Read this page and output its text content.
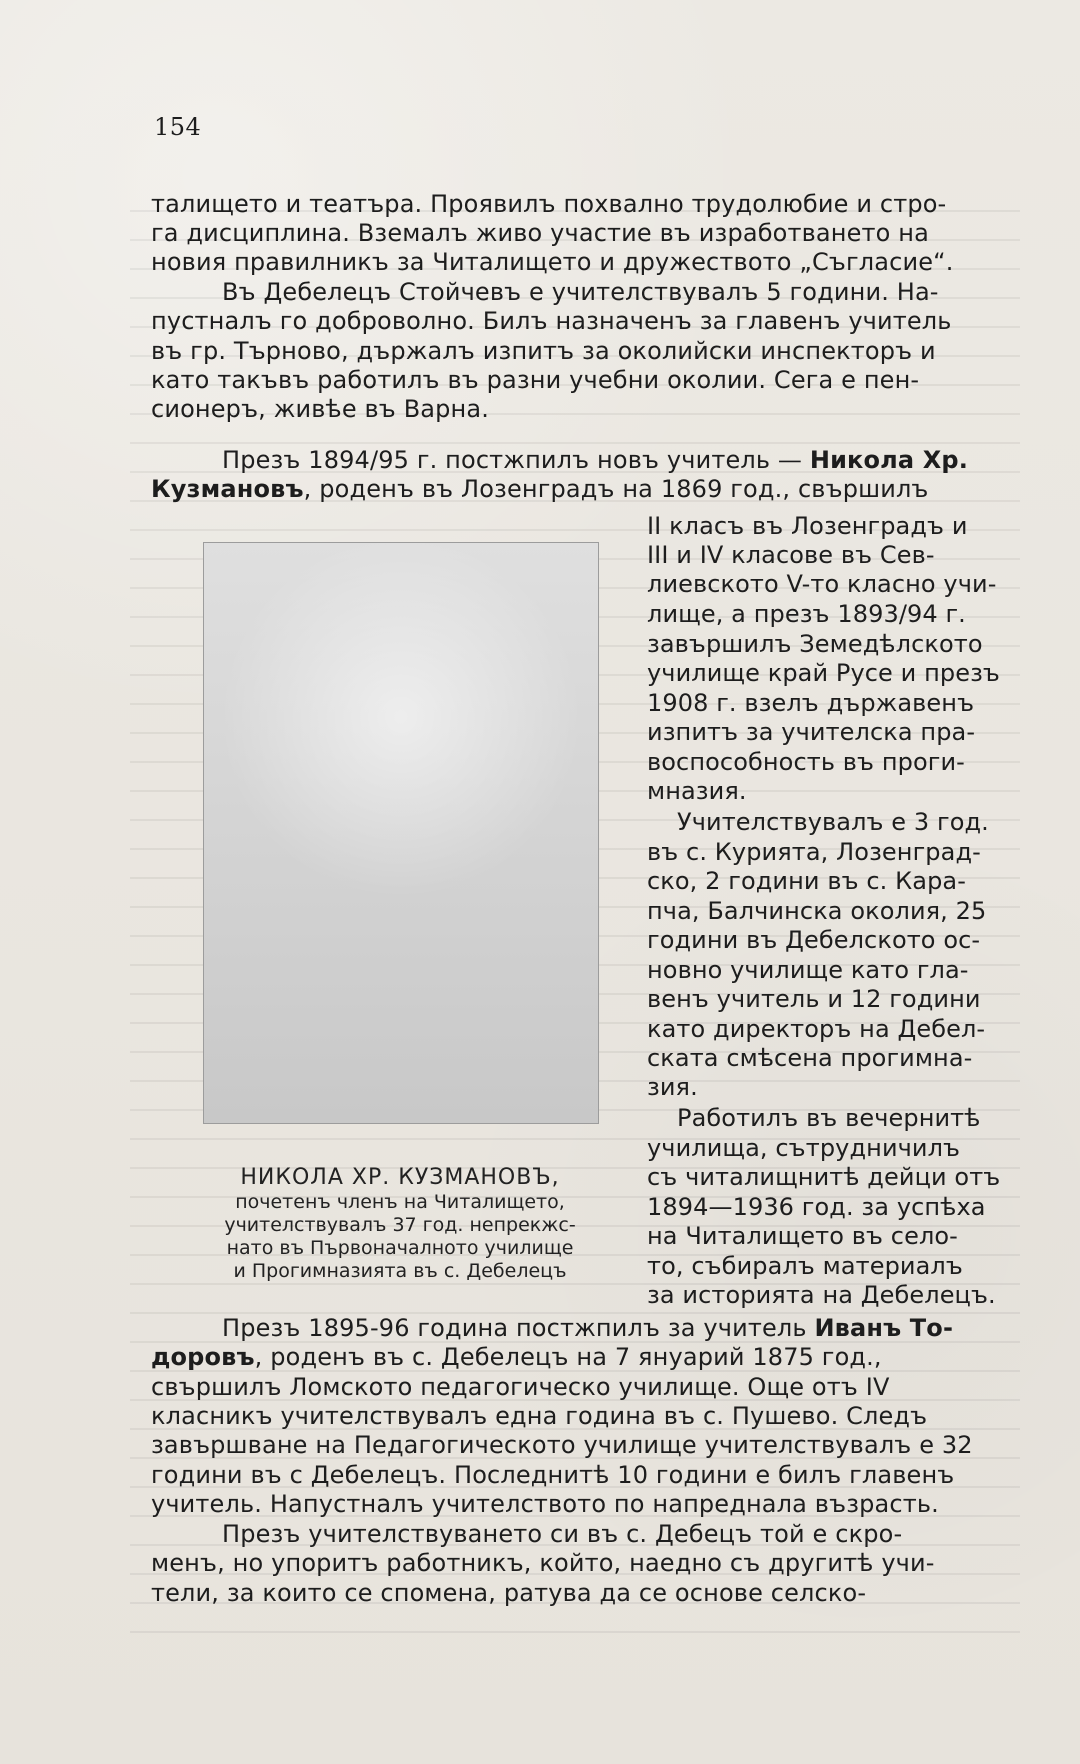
154
талището и театъра. Проявилъ похвално трудолюбие и стро-
га дисциплина. Вземалъ живо участие въ изработването на
новия правилникъ за Читалището и дружеството „Съгласие“.
Въ Дебелецъ Стойчевъ е учителствувалъ 5 години. На-
пустналъ го доброволно. Билъ назначенъ за главенъ учитель
въ гр. Търново, държалъ изпитъ за околийски инспекторъ и
като такъвъ работилъ въ разни учебни околии. Сега е пен-
сионеръ, живѣе въ Варна.
Презъ 1894/95 г. постжпилъ новъ учитель — Никола Хр.
Кузмановъ, роденъ въ Лозенградъ на 1869 год., свършилъ
II класъ въ Лозенградъ и
III и IV класове въ Сев-
лиевското V-то класно учи-
лище, а презъ 1893/94 г.
завършилъ Земедѣлското
училище край Русе и презъ
1908 г. взелъ държавенъ
изпитъ за учителска пра-
воспособность въ проги-
мназия.
Учителствувалъ е 3 год.
въ с. Курията, Лозенград-
ско, 2 години въ с. Кара-
пча, Балчинска околия, 25
години въ Дебелското ос-
новно училище като гла-
венъ учитель и 12 години
като директоръ на Дебел-
ската смѣсена прогимна-
зия.
Работилъ въ вечернитѣ
училища, сътрудничилъ
съ читалищнитѣ дейци отъ
1894—1936 год. за успѣха
на Читалището въ село-
то, събиралъ материалъ
за историята на Дебелецъ.
НИКОЛА ХР. КУЗМАНОВЪ,
почетенъ членъ на Читалището,
учителствувалъ 37 год. непрекжс-
нато въ Първоначалното училище
и Прогимназията въ с. Дебелецъ
Презъ 1895-96 година постжпилъ за учитель Иванъ То-
доровъ, роденъ въ с. Дебелецъ на 7 януарий 1875 год.,
свършилъ Ломското педагогическо училище. Още отъ IV
класникъ учителствувалъ една година въ с. Пушево. Следъ
завършване на Педагогическото училище учителствувалъ е 32
години въ с Дебелецъ. Последнитѣ 10 години е билъ главенъ
учитель. Напустналъ учителството по напреднала възрасть.
Презъ учителствуването си въ с. Дебецъ той е скро-
менъ, но упоритъ работникъ, който, наедно съ другитѣ учи-
тели, за които се спомена, ратува да се основе селско-
